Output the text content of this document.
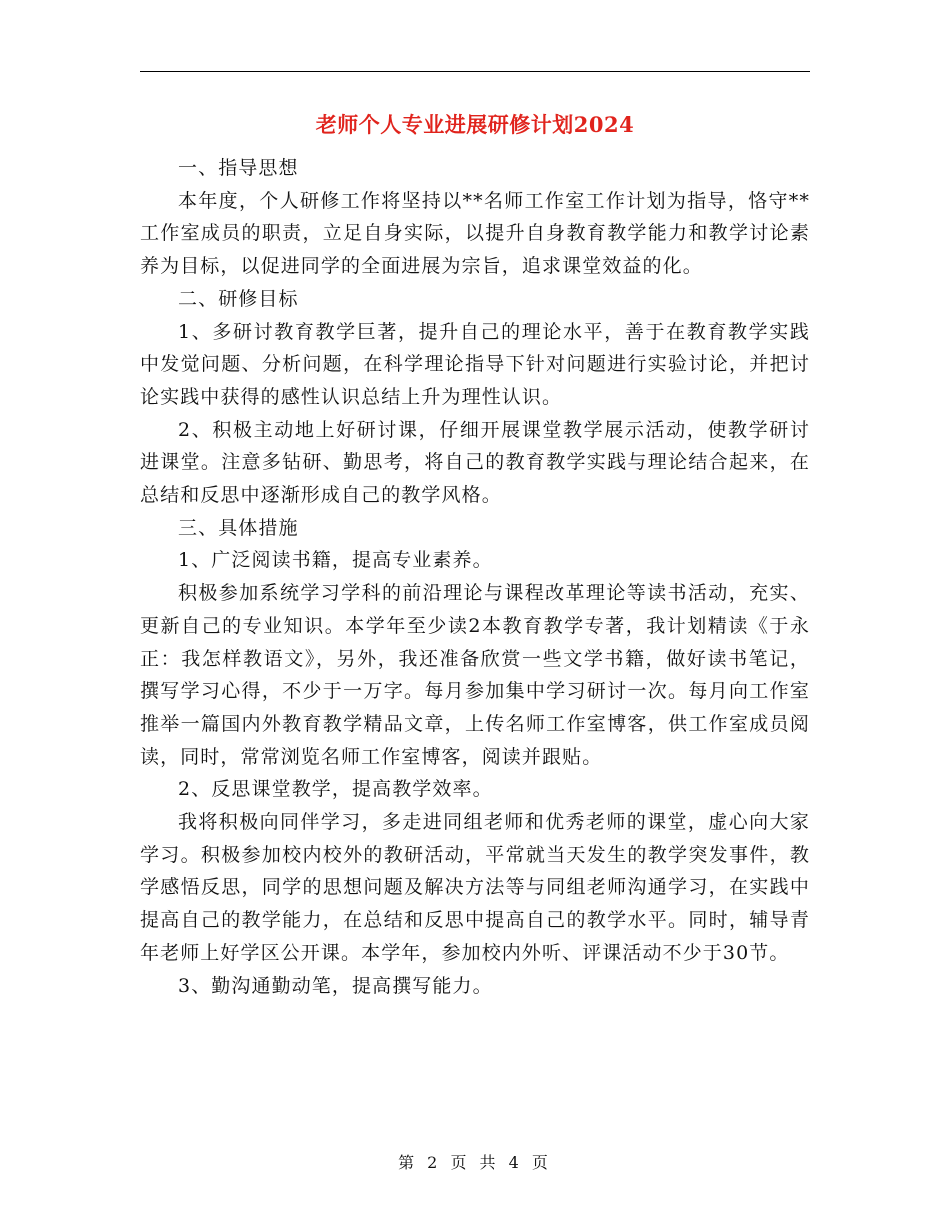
老师个人专业进展研修计划2024

一、指导思想

本年度，个人研修工作将坚持以**名师工作室工作计划为指导，恪守**工作室成员的职责，立足自身实际，以提升自身教育教学能力和教学讨论素养为目标，以促进同学的全面进展为宗旨，追求课堂效益的化。

二、研修目标

1、多研讨教育教学巨著，提升自己的理论水平，善于在教育教学实践中发觉问题、分析问题，在科学理论指导下针对问题进行实验讨论，并把讨论实践中获得的感性认识总结上升为理性认识。

2、积极主动地上好研讨课，仔细开展课堂教学展示活动，使教学研讨进课堂。注意多钻研、勤思考，将自己的教育教学实践与理论结合起来，在总结和反思中逐渐形成自己的教学风格。

三、具体措施

1、广泛阅读书籍，提高专业素养。

积极参加系统学习学科的前沿理论与课程改革理论等读书活动，充实、更新自己的专业知识。本学年至少读2本教育教学专著，我计划精读《于永正：我怎样教语文》，另外，我还准备欣赏一些文学书籍，做好读书笔记，撰写学习心得，不少于一万字。每月参加集中学习研讨一次。每月向工作室推举一篇国内外教育教学精品文章，上传名师工作室博客，供工作室成员阅读，同时，常常浏览名师工作室博客，阅读并跟贴。

2、反思课堂教学，提高教学效率。

我将积极向同伴学习，多走进同组老师和优秀老师的课堂，虚心向大家学习。积极参加校内校外的教研活动，平常就当天发生的教学突发事件，教学感悟反思，同学的思想问题及解决方法等与同组老师沟通学习，在实践中提高自己的教学能力，在总结和反思中提高自己的教学水平。同时，辅导青年老师上好学区公开课。本学年，参加校内外听、评课活动不少于30节。

3、勤沟通勤动笔，提高撰写能力。

第 2 页 共 4 页
